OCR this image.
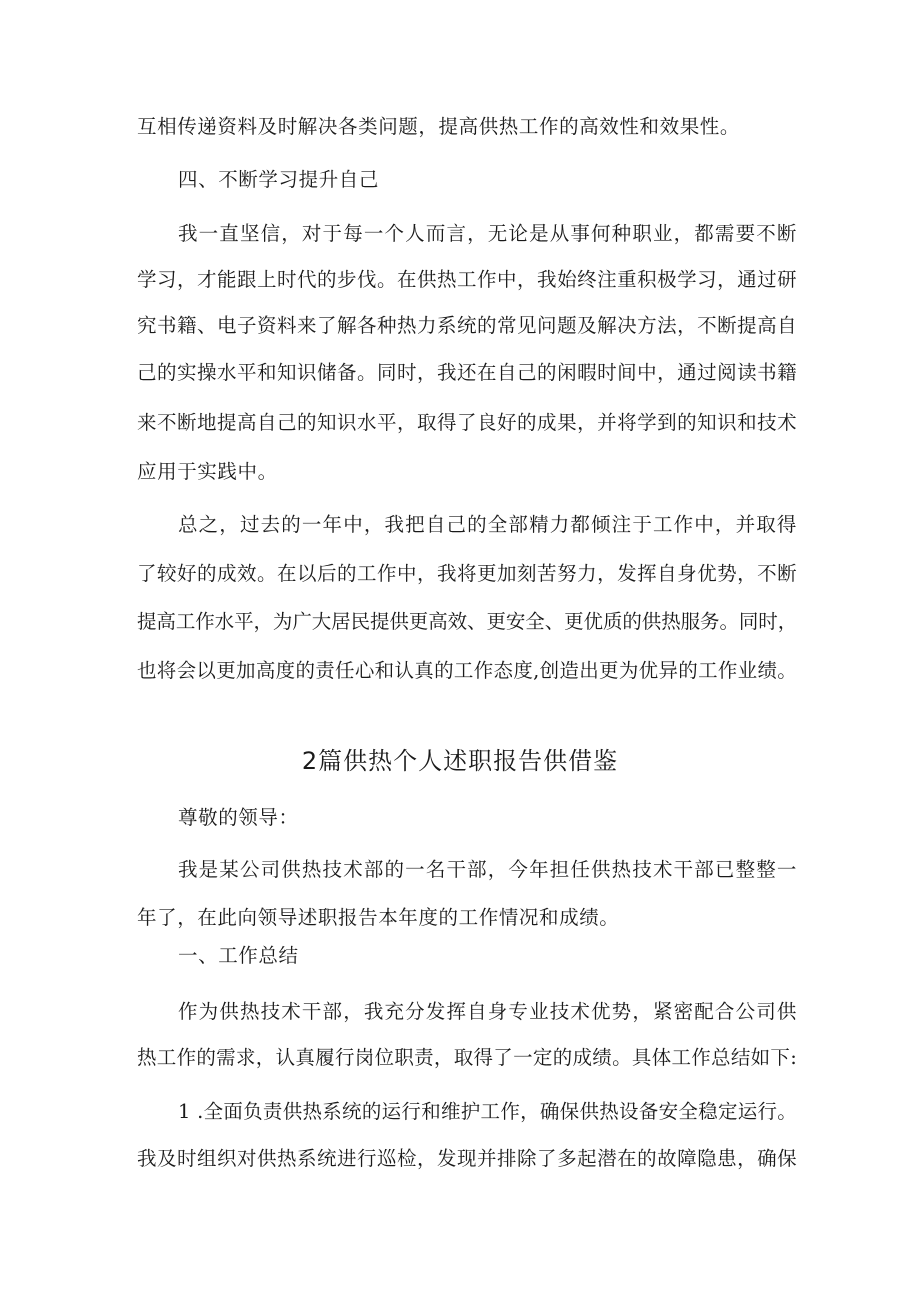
互相传递资料及时解决各类问题，提高供热工作的高效性和效果性。
四、不断学习提升自己
我一直坚信，对于每一个人而言，无论是从事何种职业，都需要不断
学习，才能跟上时代的步伐。在供热工作中，我始终注重积极学习，通过研
究书籍、电子资料来了解各种热力系统的常见问题及解决方法，不断提高自
己的实操水平和知识储备。同时，我还在自己的闲暇时间中，通过阅读书籍
来不断地提高自己的知识水平，取得了良好的成果，并将学到的知识和技术
应用于实践中。
总之，过去的一年中，我把自己的全部精力都倾注于工作中，并取得
了较好的成效。在以后的工作中，我将更加刻苦努力，发挥自身优势，不断
提高工作水平，为广大居民提供更高效、更安全、更优质的供热服务。同时，
也将会以更加高度的责任心和认真的工作态度,创造出更为优异的工作业绩。
2篇供热个人述职报告供借鉴
尊敬的领导：
我是某公司供热技术部的一名干部，今年担任供热技术干部已整整一
年了，在此向领导述职报告本年度的工作情况和成绩。
一、工作总结
作为供热技术干部，我充分发挥自身专业技术优势，紧密配合公司供
热工作的需求，认真履行岗位职责，取得了一定的成绩。具体工作总结如下:
1 .全面负责供热系统的运行和维护工作，确保供热设备安全稳定运行。
我及时组织对供热系统进行巡检，发现并排除了多起潜在的故障隐患，确保
